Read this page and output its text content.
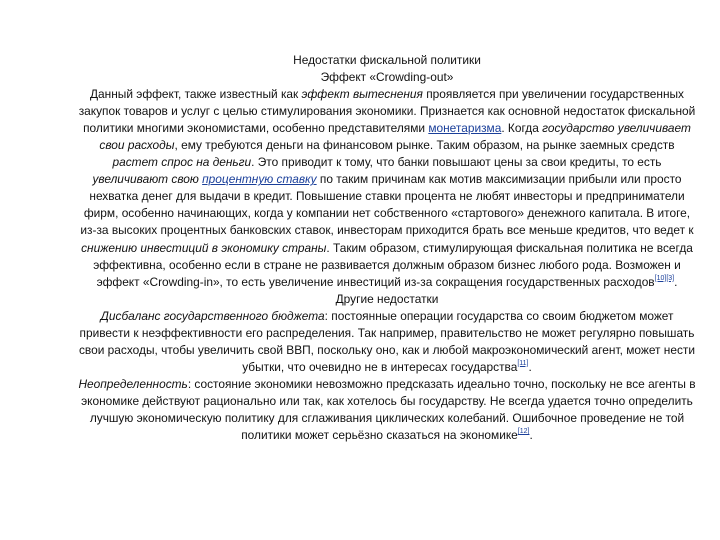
Недостатки фискальной политики

Эффект «Crowding-out»

Данный эффект, также известный как эффект вытеснения проявляется при увеличении государственных закупок товаров и услуг с целью стимулирования экономики. Признается как основной недостаток фискальной политики многими экономистами, особенно представителями монетаризма. Когда государство увеличивает свои расходы, ему требуются деньги на финансовом рынке. Таким образом, на рынке заемных средств растет спрос на деньги. Это приводит к тому, что банки повышают цены за свои кредиты, то есть увеличивают свою процентную ставку по таким причинам как мотив максимизации прибыли или просто нехватка денег для выдачи в кредит. Повышение ставки процента не любят инвесторы и предприниматели фирм, особенно начинающих, когда у компании нет собственного «стартового» денежного капитала. В итоге, из-за высоких процентных банковских ставок, инвесторам приходится брать все меньше кредитов, что ведет к снижению инвестиций в экономику страны. Таким образом, стимулирующая фискальная политика не всегда эффективна, особенно если в стране не развивается должным образом бизнес любого рода. Возможен и эффект «Crowding-in», то есть увеличение инвестиций из-за сокращения государственных расходов[10][3].

Другие недостатки

Дисбаланс государственного бюджета: постоянные операции государства со своим бюджетом может привести к неэффективности его распределения. Так например, правительство не может регулярно повышать свои расходы, чтобы увеличить свой ВВП, поскольку оно, как и любой макроэкономический агент, может нести убытки, что очевидно не в интересах государства[11].

Неопределенность: состояние экономики невозможно предсказать идеально точно, поскольку не все агенты в экономике действуют рационально или так, как хотелось бы государству. Не всегда удается точно определить лучшую экономическую политику для сглаживания циклических колебаний. Ошибочное проведение не той политики может серьёзно сказаться на экономике[12].
